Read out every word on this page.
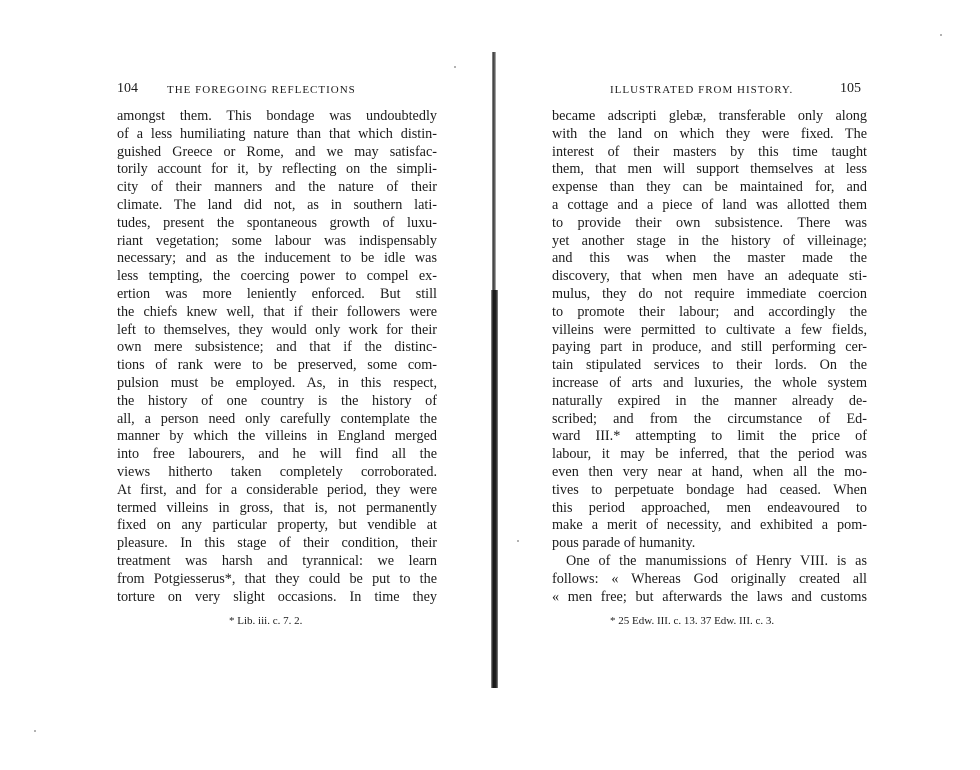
104	THE FOREGOING REFLECTIONS
amongst them. This bondage was undoubtedly
of a less humiliating nature than that which distin-
guished Greece or Rome, and we may satisfac-
torily account for it, by reflecting on the simpli-
city of their manners and the nature of their
climate. The land did not, as in southern lati-
tudes, present the spontaneous growth of luxu-
riant vegetation; some labour was indispensably
necessary; and as the inducement to be idle was
less tempting, the coercing power to compel ex-
ertion was more leniently enforced. But still
the chiefs knew well, that if their followers were
left to themselves, they would only work for their
own mere subsistence; and that if the distinc-
tions of rank were to be preserved, some com-
pulsion must be employed. As, in this respect,
the history of one country is the history of
all, a person need only carefully contemplate the
manner by which the villeins in England merged
into free labourers, and he will find all the
views hitherto taken completely corroborated.
At first, and for a considerable period, they were
termed villeins in gross, that is, not permanently
fixed on any particular property, but vendible at
pleasure. In this stage of their condition, their
treatment was harsh and tyrannical: we learn
from Potgiesserus*, that they could be put to the
torture on very slight occasions. In time they
* Lib. iii. c. 7. 2.
ILLUSTRATED FROM HISTORY.	105
became adscripti glebæ, transferable only along
with the land on which they were fixed. The
interest of their masters by this time taught
them, that men will support themselves at less
expense than they can be maintained for, and
a cottage and a piece of land was allotted them
to provide their own subsistence. There was
yet another stage in the history of villeinage;
and this was when the master made the
discovery, that when men have an adequate sti-
mulus, they do not require immediate coercion
to promote their labour; and accordingly the
villeins were permitted to cultivate a few fields,
paying part in produce, and still performing cer-
tain stipulated services to their lords. On the
increase of arts and luxuries, the whole system
naturally expired in the manner already de-
scribed; and from the circumstance of Ed-
ward III.* attempting to limit the price of
labour, it may be inferred, that the period was
even then very near at hand, when all the mo-
tives to perpetuate bondage had ceased. When
this period approached, men endeavoured to
make a merit of necessity, and exhibited a pom-
pous parade of humanity.
One of the manumissions of Henry VIII. is as
follows: « Whereas God originally created all
« men free; but afterwards the laws and customs
* 25 Edw. III. c. 13. 37 Edw. III. c. 3.
